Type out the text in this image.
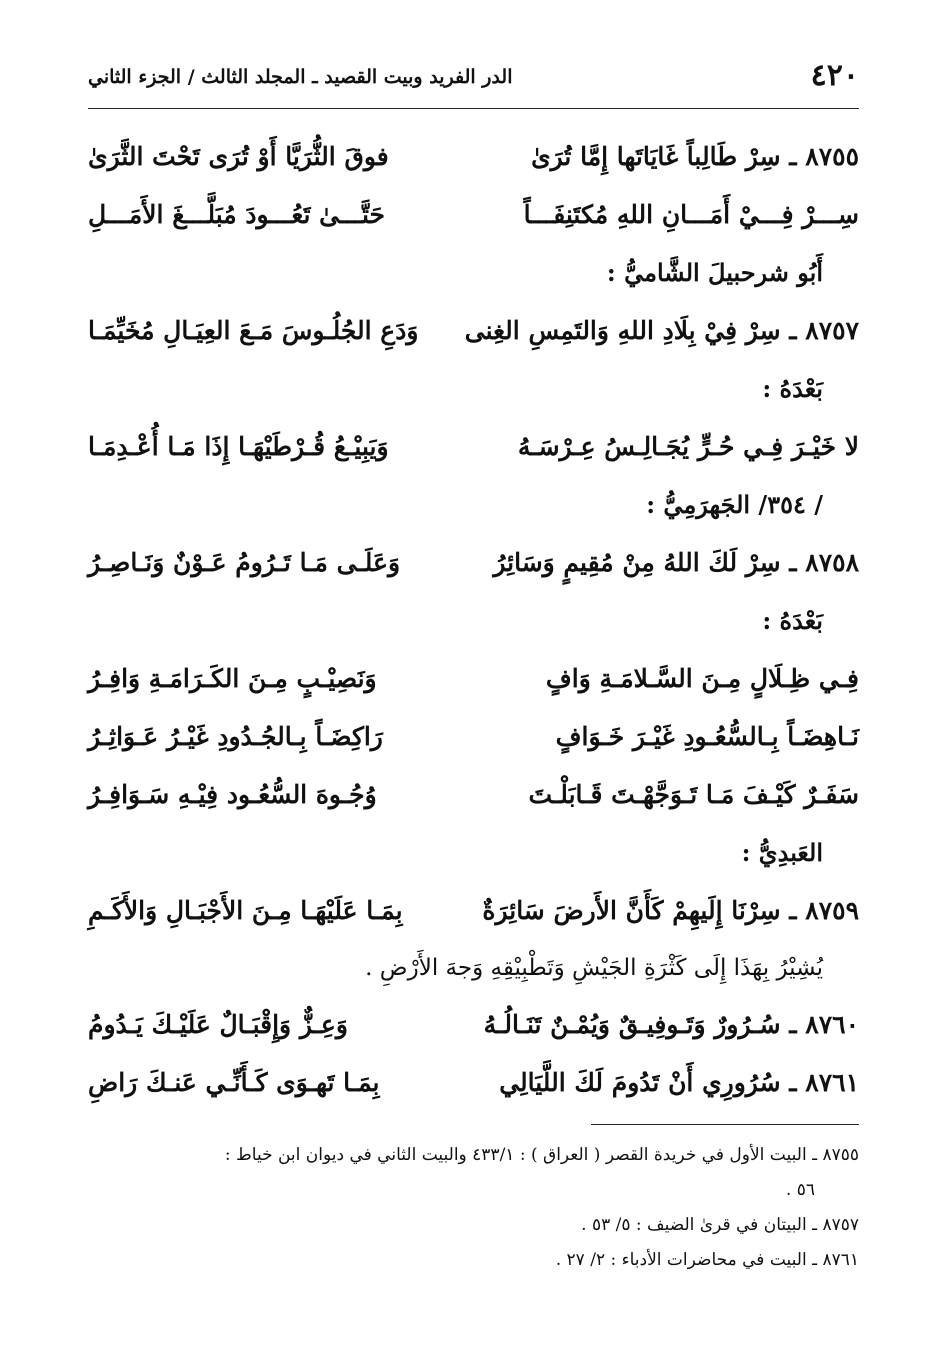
٤٢٠
الدر الفريد وبيت القصيد ـ المجلد الثالث / الجزء الثاني
٨٧٥٥ ـ سِرْ طَالِباً غَايَاتَها إِمَّا تُرَىٰ
فوقَ الثُّرَيَّا أَوْ تُرَى تَحْتَ الثَّرَىٰ
سِـــرْ فِـــيْ أَمَـــانِ اللهِ مُكتَنِفَـــاً
حَتَّـــىٰ تَعُـــودَ مُبَلَّـــغَ الأَمَـــلِ
أَبُو شرحبيلَ الشَّاميُّ :
٨٧٥٧ ـ سِرْ فِيْ بِلَادِ اللهِ وَالتَمِسِ الغِنى
وَدَعِ الجُلُـوسَ مَـعَ العِيَـالِ مُخَيِّمَـا
بَعْدَهُ :
لا خَيْـرَ فِـي حُـرٍّ يُجَـالِـسُ عِـرْسَـهُ
وَيَبِيْـعُ قُـرْطَيْهَـا إِذَا مَـا أُعْـدِمَـا
/ ٣٥٤/ الجَهرَمِيُّ :
٨٧٥٨ ـ سِرْ لَكَ اللهُ مِنْ مُقِيمٍ وَسَائِرُ
وَعَلَـى مَـا تَـرُومُ عَـوْنٌ وَنَـاصِـرُ
بَعْدَهُ :
فِـي ظِـلَالٍ مِـنَ السَّـلامَـةِ وَافٍ
وَنَصِيْـبٍ مِـنَ الكَـرَامَـةِ وَافِـرُ
نَـاهِضَـاً بِـالسُّعُـودِ غَيْـرَ خَـوَافٍ
رَاكِضَـاً بِـالجُـدُودِ غَيْـرُ عَـوَاثِـرُ
سَفَـرٌ كَيْـفَ مَـا تَـوَجَّهْـتَ قَـابَلْـتَ
وُجُـوهَ السُّعُـود فِيْـهِ سَـوَافِـرُ
العَبدِيُّ :
٨٧٥٩ ـ سِرْنَا إِلَيهِمْ كَأَنَّ الأَرضَ سَائِرَةٌ
بِمَـا عَلَيْهَـا مِـنَ الأَجْبَـالِ وَالأَكَـمِ
يُشِيْرُ بِهَذَا إِلَى كَثْرَةِ الجَيْشِ وَتَطْبِيْقِهِ وَجهَ الأَرْضِ .
٨٧٦٠ ـ سُـرُورٌ وَتَـوفِيـقٌ وَيُمْـنٌ تَنَـالُـهُ
وَعِـزٌّ وَإِقْبَـالٌ عَلَيْـكَ يَـدُومُ
٨٧٦١ ـ سُرُورِي أَنْ تَدُومَ لَكَ اللَّيَالِي
بِمَـا تَهـوَى كَـأَنِّـي عَنـكَ رَاضِ
٨٧٥٥ ـ البيت الأول في خريدة القصر ( العراق ) : ٤٣٣/١ والبيت الثاني في ديوان ابن خياط :
٥٦ .
٨٧٥٧ ـ البيتان في قرىٰ الضيف : ٥/ ٥٣ .
٨٧٦١ ـ البيت في محاضرات الأدباء : ٢/ ٢٧ .
